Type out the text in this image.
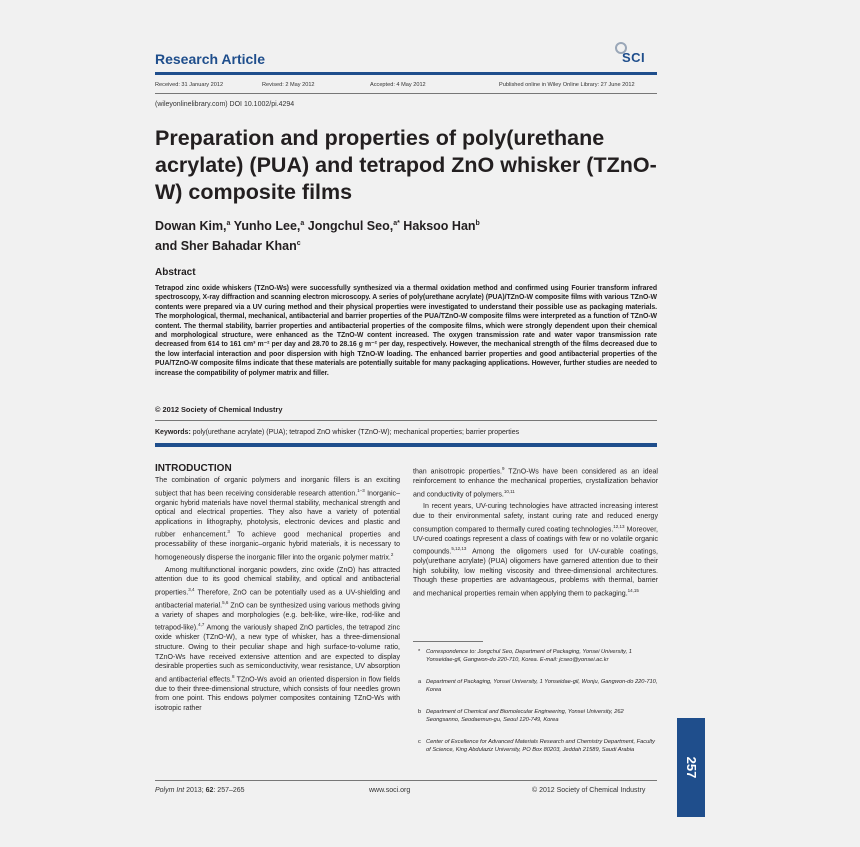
Research Article	SCI
Received: 31 January 2012	Revised: 2 May 2012	Accepted: 4 May 2012	Published online in Wiley Online Library: 27 June 2012
(wileyonlinelibrary.com) DOI 10.1002/pi.4294
Preparation and properties of poly(urethane acrylate) (PUA) and tetrapod ZnO whisker (TZnO-W) composite films
Dowan Kim,$^a$ Yunho Lee,$^a$ Jongchul Seo,$^{a*}$ Haksoo Han$^b$
and Sher Bahadar Khan$^c$
Abstract
Tetrapod zinc oxide whiskers (TZnO-Ws) were successfully synthesized via a thermal oxidation method and confirmed using Fourier transform infrared spectroscopy, X-ray diffraction and scanning electron microscopy. A series of poly(urethane acrylate) (PUA)/TZnO-W composite films with various TZnO-W contents were prepared via a UV curing method and their physical properties were investigated to understand their possible use as packaging materials. The morphological, thermal, mechanical, antibacterial and barrier properties of the PUA/TZnO-W composite films were interpreted as a function of TZnO-W content. The thermal stability, barrier properties and antibacterial properties of the composite films, which were strongly dependent upon their chemical and morphological structure, were enhanced as the TZnO-W content increased. The oxygen transmission rate and water vapor transmission rate decreased from 614 to 161 cm³ m⁻² per day and 28.70 to 28.16 g m⁻² per day, respectively. However, the mechanical strength of the films decreased due to the low interfacial interaction and poor dispersion with high TZnO-W loading. The enhanced barrier properties and good antibacterial properties of the PUA/TZnO-W composite films indicate that these materials are potentially suitable for many packaging applications. However, further studies are needed to increase the compatibility of polymer matrix and filler.
© 2012 Society of Chemical Industry
Keywords: poly(urethane acrylate) (PUA); tetrapod ZnO whisker (TZnO-W); mechanical properties; barrier properties
INTRODUCTION

The combination of organic polymers and inorganic fillers is an exciting subject that has been receiving considerable research attention.$^{1-3}$ Inorganic–organic hybrid materials have novel thermal stability, mechanical strength and optical and electrical properties. They also have a variety of potential applications in lithography, photolysis, electronic devices and plastic and rubber enhancement.$^3$ To achieve good mechanical properties and processability of these inorganic–organic hybrid materials, it is necessary to homogeneously disperse the inorganic filler into the organic polymer matrix.$^2$

Among multifunctional inorganic powders, zinc oxide (ZnO) has attracted attention due to its good chemical stability, and optical and antibacterial properties.$^{3,4}$ Therefore, ZnO can be potentially used as a UV-shielding and antibacterial material.$^{5,6}$ ZnO can be synthesized using various methods giving a variety of shapes and morphologies (e.g. belt-like, wire-like, rod-like and tetrapod-like).$^{4,7}$ Among the variously shaped ZnO particles, the tetrapod zinc oxide whisker (TZnO-W), a new type of whisker, has a three-dimensional structure. Owing to their peculiar shape and high surface-to-volume ratio, TZnO-Ws have received extensive attention and are expected to display desirable properties such as semiconductivity, wear resistance, UV absorption and antibacterial effects.$^8$ TZnO-Ws avoid an oriented dispersion in flow fields due to their three-dimensional structure, which consists of four needles grown from one point. This endows polymer composites containing TZnO-Ws with isotropic rather

than anisotropic properties.$^9$ TZnO-Ws have been considered as an ideal reinforcement to enhance the mechanical properties, crystallization behavior and conductivity of polymers.$^{10,11}$

In recent years, UV-curing technologies have attracted increasing interest due to their environmental safety, instant curing rate and reduced energy consumption compared to thermally cured coating technologies.$^{12,13}$ Moreover, UV-cured coatings represent a class of coatings with few or no volatile organic compounds.$^{5,12,13}$ Among the oligomers used for UV-curable coatings, poly(urethane acrylate) (PUA) oligomers have garnered attention due to their high solubility, low melting viscosity and three-dimensional architectures. Though these properties are advantageous, problems with thermal, barrier and mechanical properties remain when applying them to packaging.$^{14,15}$

* Correspondence to: Jongchul Seo, Department of Packaging, Yonsei University, 1 Yonseidae-gil, Gangwon-do 220-710, Korea. E-mail: jcseo@yonsei.ac.kr
a Department of Packaging, Yonsei University, 1 Yonseidae-gil, Wonju, Gangwon-do 220-710, Korea
b Department of Chemical and Biomolecular Engineering, Yonsei University, 262 Seongsanno, Seodaemun-gu, Seoul 120-749, Korea
c Center of Excellence for Advanced Materials Research and Chemistry Department, Faculty of Science, King Abdulaziz University, PO Box 80203, Jeddah 21589, Saudi Arabia
Polym Int 2013; 62: 257–265	www.soci.org	© 2012 Society of Chemical Industry
257
